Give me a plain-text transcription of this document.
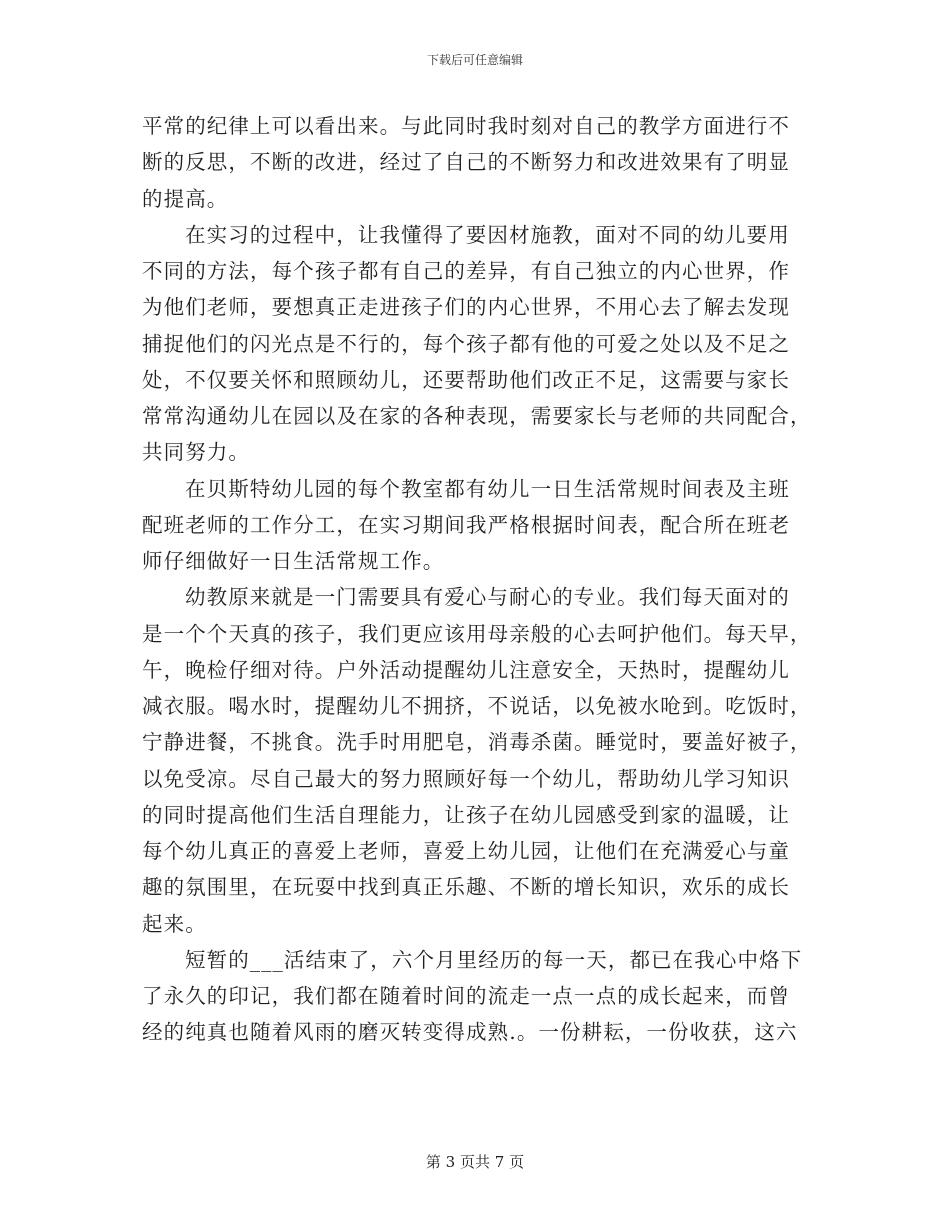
下载后可任意编辑
平常的纪律上可以看出来。与此同时我时刻对自己的教学方面进行不
断的反思，不断的改进，经过了自己的不断努力和改进效果有了明显
的提高。
在实习的过程中，让我懂得了要因材施教，面对不同的幼儿要用
不同的方法，每个孩子都有自己的差异，有自己独立的内心世界，作
为他们老师，要想真正走进孩子们的内心世界，不用心去了解去发现
捕捉他们的闪光点是不行的，每个孩子都有他的可爱之处以及不足之
处，不仅要关怀和照顾幼儿，还要帮助他们改正不足，这需要与家长
常常沟通幼儿在园以及在家的各种表现，需要家长与老师的共同配合，
共同努力。
在贝斯特幼儿园的每个教室都有幼儿一日生活常规时间表及主班
配班老师的工作分工，在实习期间我严格根据时间表，配合所在班老
师仔细做好一日生活常规工作。
幼教原来就是一门需要具有爱心与耐心的专业。我们每天面对的
是一个个天真的孩子，我们更应该用母亲般的心去呵护他们。每天早，
午，晚检仔细对待。户外活动提醒幼儿注意安全，天热时，提醒幼儿
减衣服。喝水时，提醒幼儿不拥挤，不说话，以免被水呛到。吃饭时，
宁静进餐，不挑食。洗手时用肥皂，消毒杀菌。睡觉时，要盖好被子，
以免受凉。尽自己最大的努力照顾好每一个幼儿，帮助幼儿学习知识
的同时提高他们生活自理能力，让孩子在幼儿园感受到家的温暖，让
每个幼儿真正的喜爱上老师，喜爱上幼儿园，让他们在充满爱心与童
趣的氛围里，在玩耍中找到真正乐趣、不断的增长知识，欢乐的成长
起来。
短暂的___活结束了，六个月里经历的每一天，都已在我心中烙下
了永久的印记，我们都在随着时间的流走一点一点的成长起来，而曾
经的纯真也随着风雨的磨灭转变得成熟.。一份耕耘，一份收获，这六
第 3 页共 7 页
